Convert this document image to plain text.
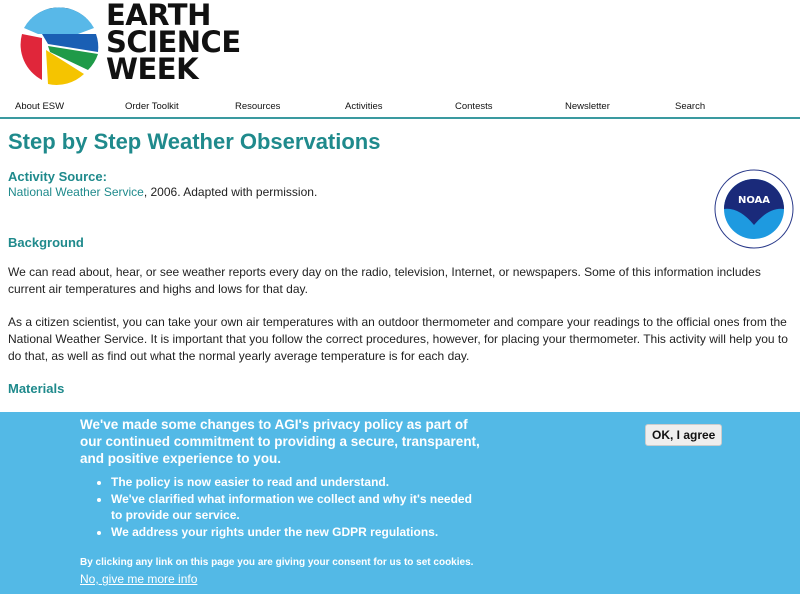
EARTH
SCIENCE
WEEK
About ESW	Order Toolkit	Resources	Activities	Contests	Newsletter	Search
Step by Step Weather Observations
Activity Source:

National Weather Service, 2006. Adapted with permission.

NOAA
Background

We can read about, hear, or see weather reports every day on the radio, television, Internet, or newspapers. Some of this information includes current air temperatures and highs and lows for that day.

As a citizen scientist, you can take your own air temperatures with an outdoor thermometer and compare your readings to the official ones from the National Weather Service. It is important that you follow the correct procedures, however, for placing your thermometer. This activity will help you to do that, as well as find out what the normal yearly average temperature is for each day.

Materials
We've made some changes to AGI's privacy policy as part of our continued commitment to providing a secure, transparent, and positive experience to you.
• The policy is now easier to read and understand.
• We've clarified what information we collect and why it's needed to provide our service.
• We address your rights under the new GDPR regulations.
By clicking any link on this page you are giving your consent for us to set cookies.
No, give me more info
OK, I agree
